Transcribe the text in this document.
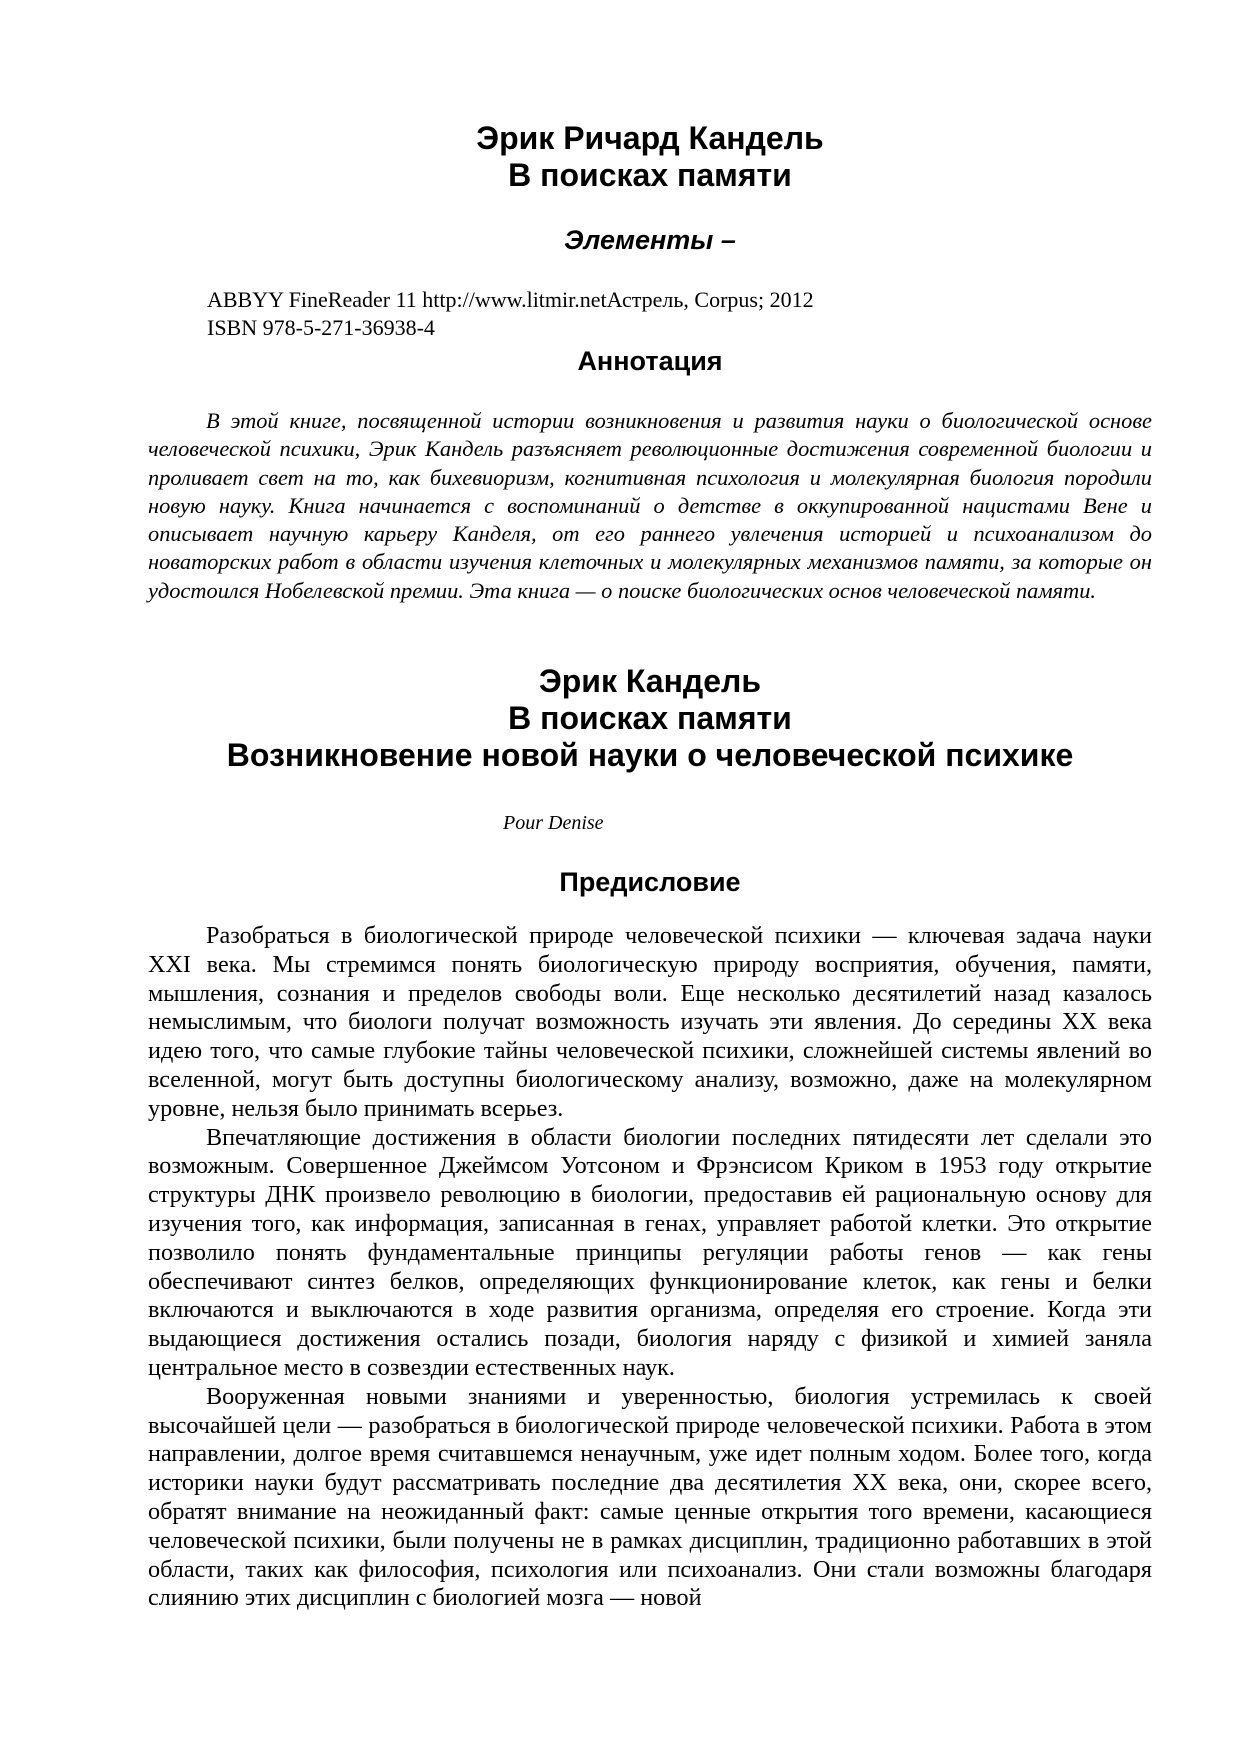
Эрик Ричард Кандель
В поисках памяти
Элементы –
ABBYY FineReader 11 http://www.litmir.netАстрель, Corpus; 2012
ISBN 978-5-271-36938-4
Аннотация

В этой книге, посвященной истории возникновения и развития науки о биологической основе человеческой психики, Эрик Кандель разъясняет революционные достижения современной биологии и проливает свет на то, как бихевиоризм, когнитивная психология и молекулярная биология породили новую науку. Книга начинается с воспоминаний о детстве в оккупированной нацистами Вене и описывает научную карьеру Канделя, от его раннего увлечения историей и психоанализом до новаторских работ в области изучения клеточных и молекулярных механизмов памяти, за которые он удостоился Нобелевской премии. Эта книга — о поиске биологических основ человеческой памяти.

Эрик Кандель
В поисках памяти
Возникновение новой науки о человеческой психике
Pour Denise
Предисловие

Разобраться в биологической природе человеческой психики — ключевая задача науки XXI века. Мы стремимся понять биологическую природу восприятия, обучения, памяти, мышления, сознания и пределов свободы воли. Еще несколько десятилетий назад казалось немыслимым, что биологи получат возможность изучать эти явления. До середины XX века идею того, что самые глубокие тайны человеческой психики, сложнейшей системы явлений во вселенной, могут быть доступны биологическому анализу, возможно, даже на молекулярном уровне, нельзя было принимать всерьез.

Впечатляющие достижения в области биологии последних пятидесяти лет сделали это возможным. Совершенное Джеймсом Уотсоном и Фрэнсисом Криком в 1953 году открытие структуры ДНК произвело революцию в биологии, предоставив ей рациональную основу для изучения того, как информация, записанная в генах, управляет работой клетки. Это открытие позволило понять фундаментальные принципы регуляции работы генов — как гены обеспечивают синтез белков, определяющих функционирование клеток, как гены и белки включаются и выключаются в ходе развития организма, определяя его строение. Когда эти выдающиеся достижения остались позади, биология наряду с физикой и химией заняла центральное место в созвездии естественных наук.

Вооруженная новыми знаниями и уверенностью, биология устремилась к своей высочайшей цели — разобраться в биологической природе человеческой психики. Работа в этом направлении, долгое время считавшемся ненаучным, уже идет полным ходом. Более того, когда историки науки будут рассматривать последние два десятилетия XX века, они, скорее всего, обратят внимание на неожиданный факт: самые ценные открытия того времени, касающиеся человеческой психики, были получены не в рамках дисциплин, традиционно работавших в этой области, таких как философия, психология или психоанализ. Они стали возможны благодаря слиянию этих дисциплин с биологией мозга — новой
